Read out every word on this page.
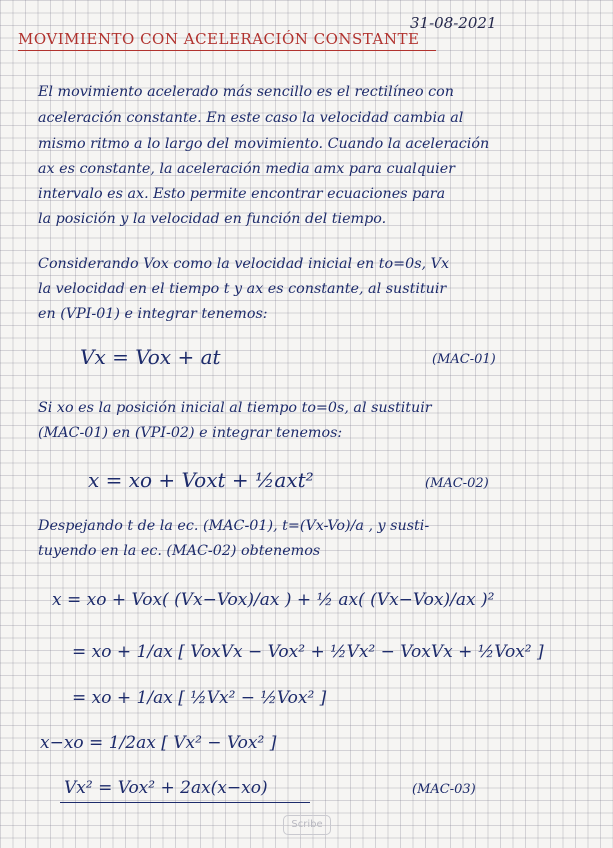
31-08-2021
MOVIMIENTO CON ACELERACIÓN CONSTANTE
El movimiento acelerado más sencillo es el rectilíneo con
aceleración constante. En este caso la velocidad cambia al
mismo ritmo a lo largo del movimiento. Cuando la aceleración
ax es constante, la aceleración media amx para cualquier
intervalo es ax. Esto permite encontrar ecuaciones para
la posición y la velocidad en función del tiempo.
Considerando Vox como la velocidad inicial en to=0s, Vx
la velocidad en el tiempo t y ax es constante, al sustituir
en (VPI-01) e integrar tenemos:
Vx = Vox + at	(MAC-01)
Si xo es la posición inicial al tiempo to=0s, al sustituir
(MAC-01) en (VPI-02) e integrar tenemos:
x = xo + Voxt + ½axt²	(MAC-02)
Despejando t de la ec. (MAC-01), t=(Vx-Vo)/a , y susti-
tuyendo en la ec. (MAC-02) obtenemos
x = xo + Vox( (Vx−Vox)/ax ) + ½ ax( (Vx−Vox)/ax )²
= xo + 1/ax [ VoxVx − Vox² + ½Vx² − VoxVx + ½Vox² ]
= xo + 1/ax [ ½Vx² − ½Vox² ]
x−xo = 1/2ax [ Vx² − Vox² ]
Vx² = Vox² + 2ax(x−xo)	(MAC-03)
Scribe
